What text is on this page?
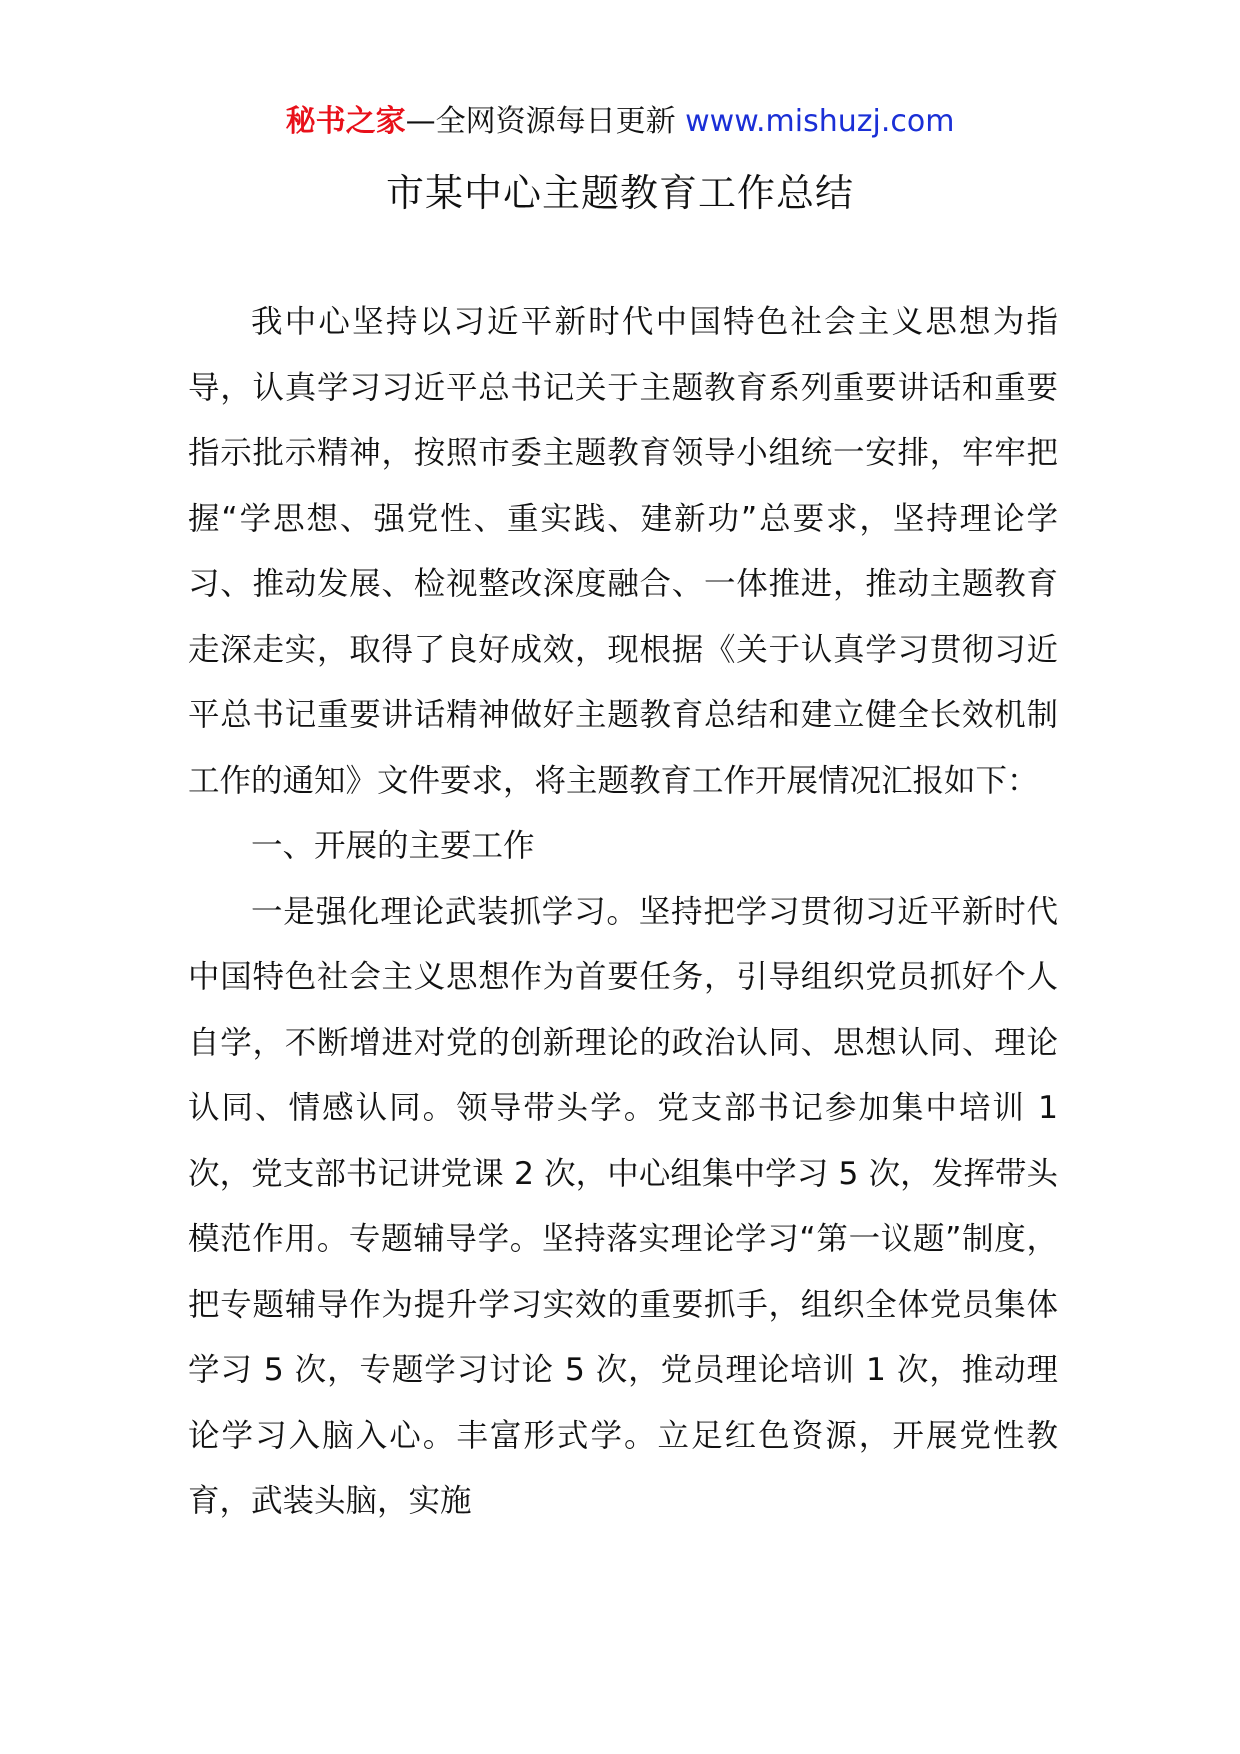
秘书之家—全网资源每日更新 www.mishuzj.com
市某中心主题教育工作总结

我中心坚持以习近平新时代中国特色社会主义思想为指导，认真学习习近平总书记关于主题教育系列重要讲话和重要指示批示精神，按照市委主题教育领导小组统一安排，牢牢把握“学思想、强党性、重实践、建新功”总要求，坚持理论学习、推动发展、检视整改深度融合、一体推进，推动主题教育走深走实，取得了良好成效，现根据《关于认真学习贯彻习近平总书记重要讲话精神做好主题教育总结和建立健全长效机制工作的通知》文件要求，将主题教育工作开展情况汇报如下：

一、开展的主要工作

一是强化理论武装抓学习。坚持把学习贯彻习近平新时代中国特色社会主义思想作为首要任务，引导组织党员抓好个人自学，不断增进对党的创新理论的政治认同、思想认同、理论认同、情感认同。领导带头学。党支部书记参加集中培训 1 次，党支部书记讲党课 2 次，中心组集中学习 5 次，发挥带头模范作用。专题辅导学。坚持落实理论学习“第一议题”制度，把专题辅导作为提升学习实效的重要抓手，组织全体党员集体学习 5 次，专题学习讨论 5 次，党员理论培训 1 次，推动理论学习入脑入心。丰富形式学。立足红色资源，开展党性教育，武装头脑，实施
